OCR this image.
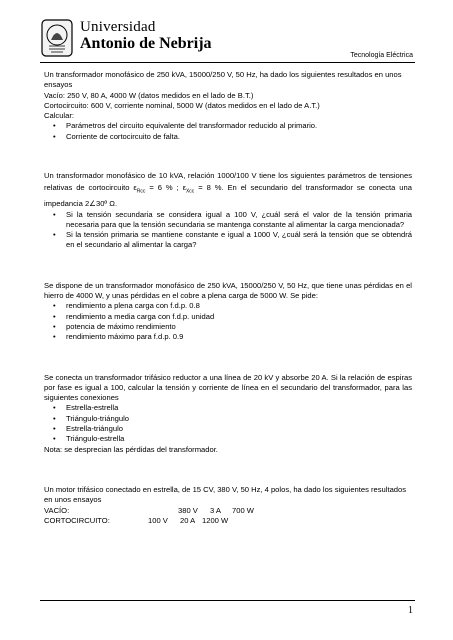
Universidad
Antonio de Nebrija
Tecnología Eléctrica

Un transformador monofásico de 250 kVA, 15000/250 V, 50 Hz, ha dado los siguientes resultados en unos ensayos

Vacío: 250 V, 80 A, 4000 W (datos medidos en el lado de B.T.)

Cortocircuito: 600 V, corriente nominal, 5000 W (datos medidos en el lado de A.T.)

Calcular:

• Parámetros del circuito equivalente del transformador reducido al primario.
• Corriente de cortocircuito de falta.

Un transformador monofásico de 10 kVA, relación 1000/100 V tiene los siguientes parámetros de tensiones relativas de cortocircuito $\varepsilon_{Rcc} = 6$ % ; $\varepsilon_{Xcc} = 8$ %. En el secundario del transformador se conecta una impedancia 2∠30º Ω.

• Si la tensión secundaria se considera igual a 100 V, ¿cuál será el valor de la tensión primaria necesaria para que la tensión secundaria se mantenga constante al alimentar la carga mencionada?
• Si la tensión primaria se mantiene constante e igual a 1000 V, ¿cuál será la tensión que se obtendrá en el secundario al alimentar la carga?

Se dispone de un transformador monofásico de 250 kVA, 15000/250 V, 50 Hz, que tiene unas pérdidas en el hierro de 4000 W, y unas pérdidas en el cobre a plena carga de 5000 W. Se pide:

• rendimiento a plena carga con f.d.p. 0.8
• rendimiento a media carga con f.d.p. unidad
• potencia de máximo rendimiento
• rendimiento máximo para f.d.p. 0.9

Se conecta un transformador trifásico reductor a una línea de 20 kV y absorbe 20 A. Si la relación de espiras por fase es igual a 100, calcular la tensión y corriente de línea en el secundario del transformador, para las siguientes conexiones

• Estrella-estrella
• Triángulo-triángulo
• Estrella-triángulo
• Triángulo-estrella

Nota: se desprecian las pérdidas del transformador.

Un motor trifásico conectado en estrella, de 15 CV, 380 V, 50 Hz, 4 polos, ha dado los siguientes resultados en unos ensayos

VACÍO:	380 V	3 A	700 W
CORTOCIRCUITO:	100 V	20 A 1200 W
1
